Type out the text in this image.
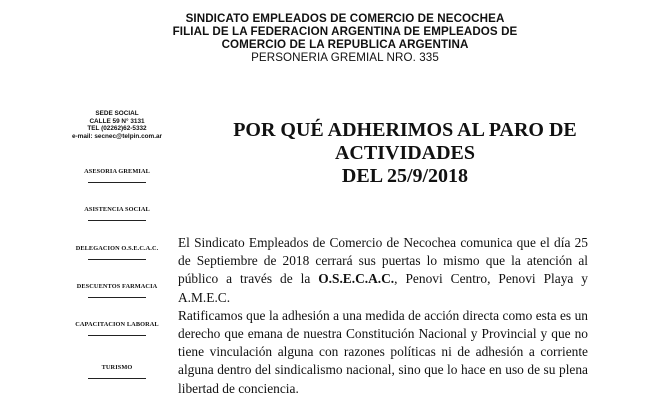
SINDICATO EMPLEADOS DE COMERCIO DE NECOCHEA
FILIAL DE LA FEDERACION ARGENTINA DE EMPLEADOS DE
COMERCIO DE LA REPUBLICA ARGENTINA
PERSONERIA GREMIAL NRO. 335
SEDE SOCIAL
CALLE 59 N° 3131
TEL (02262)62-5332
e-mail: secnec@telpin.com.ar
ASESORIA GREMIAL
ASISTENCIA SOCIAL
DELEGACION O.S.E.C.A.C.
DESCUENTOS FARMACIA
CAPACITACION LABORAL
TURISMO
POR QUÉ ADHERIMOS AL PARO DE
ACTIVIDADES
DEL 25/9/2018

El Sindicato Empleados de Comercio de Necochea comunica que el día 25 de Septiembre de 2018 cerrará sus puertas lo mismo que la atención al público a través de la O.S.E.C.A.C., Penovi Centro, Penovi Playa y A.M.E.C.

Ratificamos que la adhesión a una medida de acción directa como esta es un derecho que emana de nuestra Constitución Nacional y Provincial y que no tiene vinculación alguna con razones políticas ni de adhesión a corriente alguna dentro del sindicalismo nacional, sino que lo hace en uso de su plena libertad de conciencia.
